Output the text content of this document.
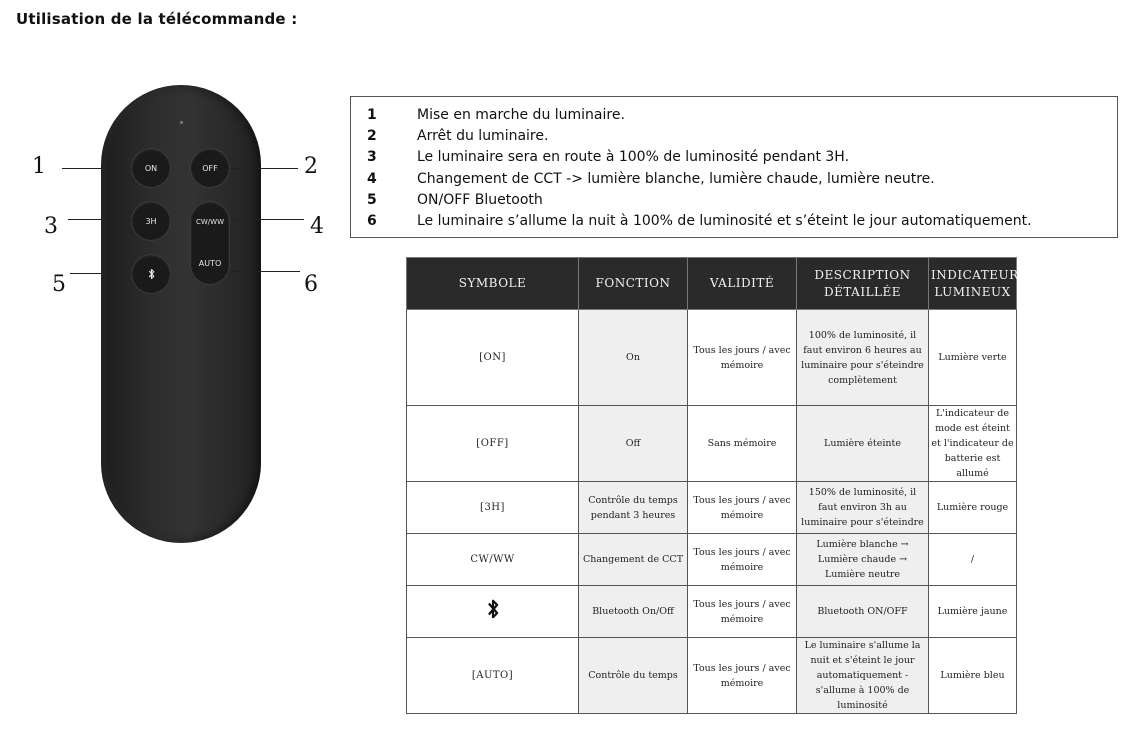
Utilisation de la télécommande :
ON	OFF
3H	CW/WW
AUTO
1	2
3	4
5	6
1	Mise en marche du luminaire.
2	Arrêt du luminaire.
3	Le luminaire sera en route à 100% de luminosité pendant 3H.
4	Changement de CCT -> lumière blanche, lumière chaude, lumière neutre.
5	ON/OFF Bluetooth
6	Le luminaire s’allume la nuit à 100% de luminosité et s’éteint le jour automatiquement.
SYMBOLE	FONCTION	VALIDITÉ	DESCRIPTION DÉTAILLÉE	INDICATEUR LUMINEUX
[ON]	On	Tous les jours / avec mémoire	100% de luminosité, il faut environ 6 heures au luminaire pour s'éteindre complètement	Lumière verte
[OFF]	Off	Sans mémoire	Lumière éteinte	L'indicateur de mode est éteint et l'indicateur de batterie est allumé
[3H]	Contrôle du temps pendant 3 heures	Tous les jours / avec mémoire	150% de luminosité, il faut environ 3h au luminaire pour s'éteindre	Lumière rouge
CW/WW	Changement de CCT	Tous les jours / avec mémoire	Lumière blanche → Lumière chaude → Lumière neutre	/
	Bluetooth On/Off	Tous les jours / avec mémoire	Bluetooth ON/OFF	Lumière jaune
[AUTO]	Contrôle du temps	Tous les jours / avec mémoire	Le luminaire s'allume la nuit et s'éteint le jour automatiquement - s'allume à 100% de luminosité	Lumière bleu
